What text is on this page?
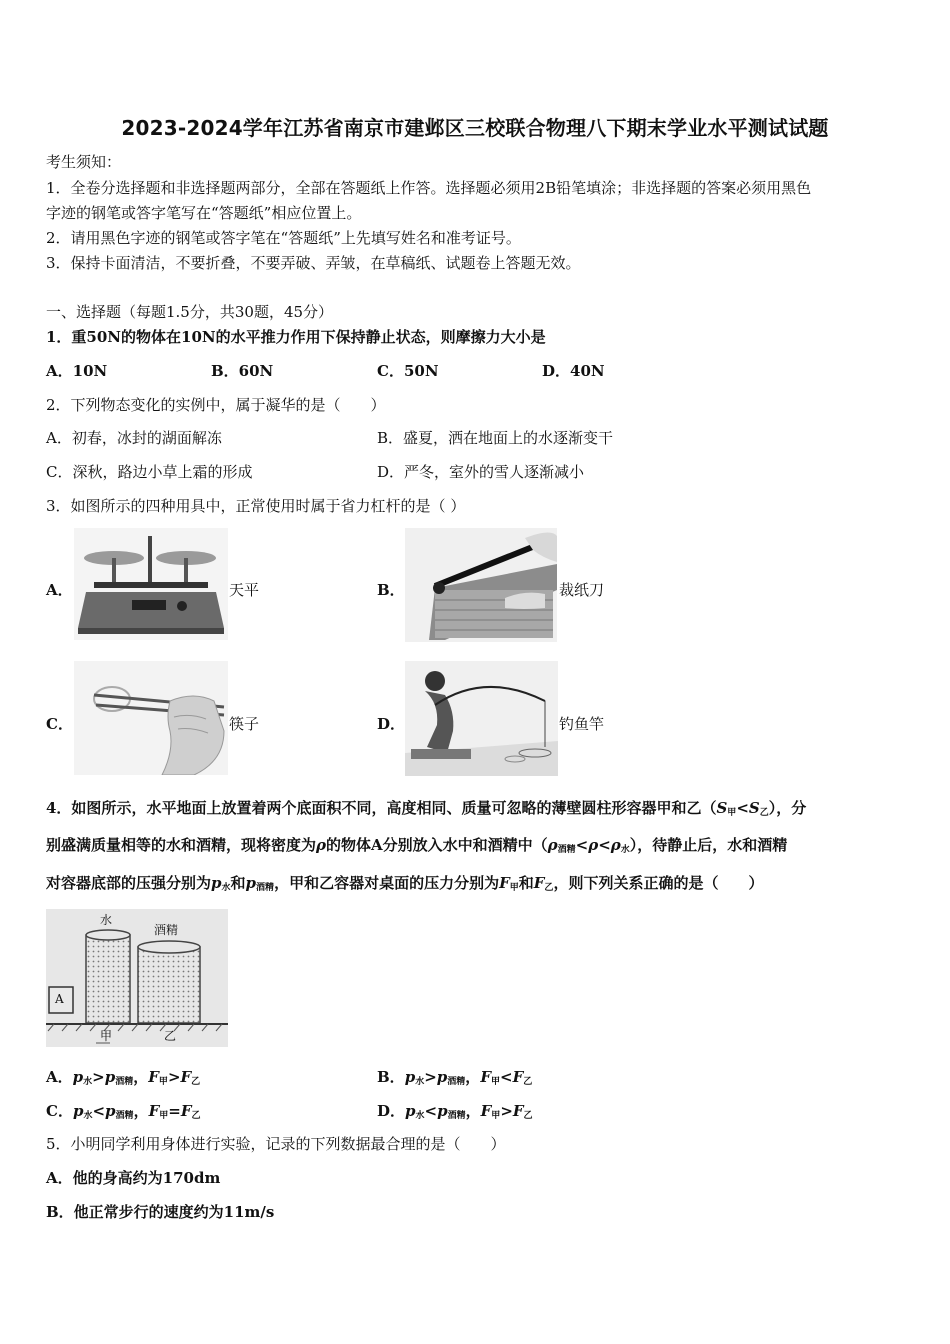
2023-2024学年江苏省南京市建邺区三校联合物理八下期末学业水平测试试题
考生须知：
1．全卷分选择题和非选择题两部分，全部在答题纸上作答。选择题必须用2B铅笔填涂；非选择题的答案必须用黑色
字迹的钢笔或答字笔写在“答题纸”相应位置上。
2．请用黑色字迹的钢笔或答字笔在“答题纸”上先填写姓名和准考证号。
3．保持卡面清洁，不要折叠，不要弄破、弄皱，在草稿纸、试题卷上答题无效。
一、选择题（每题1.5分，共30题，45分）
1．重50N的物体在10N的水平推力作用下保持静止状态，则摩擦力大小是
A．10N	B．60N	C．50N	D．40N
2．下列物态变化的实例中，属于凝华的是（　　）
A．初春，冰封的湖面解冻	B．盛夏，洒在地面上的水逐渐变干
C．深秋，路边小草上霜的形成	D．严冬，室外的雪人逐渐减小
3．如图所示的四种用具中，正常使用时属于省力杠杆的是（ ）
A．	天平	B．	裁纸刀
C．	筷子	D．	钓鱼竿
4．如图所示，水平地面上放置着两个底面积不同，高度相同、质量可忽略的薄壁圆柱形容器甲和乙$(S_甲<S_乙)$，分
别盛满质量相等的水和酒精，现将密度为ρ的物体A分别放入水中和酒精中$(\rho_{酒精}<\rho<\rho_水)$，待静止后，水和酒精
对容器底部的压强分别为$p_水$和$p_{酒精}$，甲和乙容器对桌面的压力分别为$F_甲$和$F_乙$，则下列关系正确的是（　　）
水
酒精
A
甲	乙
A．$p_水>p_{酒精}$，$F_甲>F_乙$	B．$p_水>p_{酒精}$，$F_甲<F_乙$
C．$p_水<p_{酒精}$，$F_甲=F_乙$	D．$p_水<p_{酒精}$，$F_甲>F_乙$
5．小明同学利用身体进行实验，记录的下列数据最合理的是（　　）
A．他的身高约为170dm
B．他正常步行的速度约为11m/s
